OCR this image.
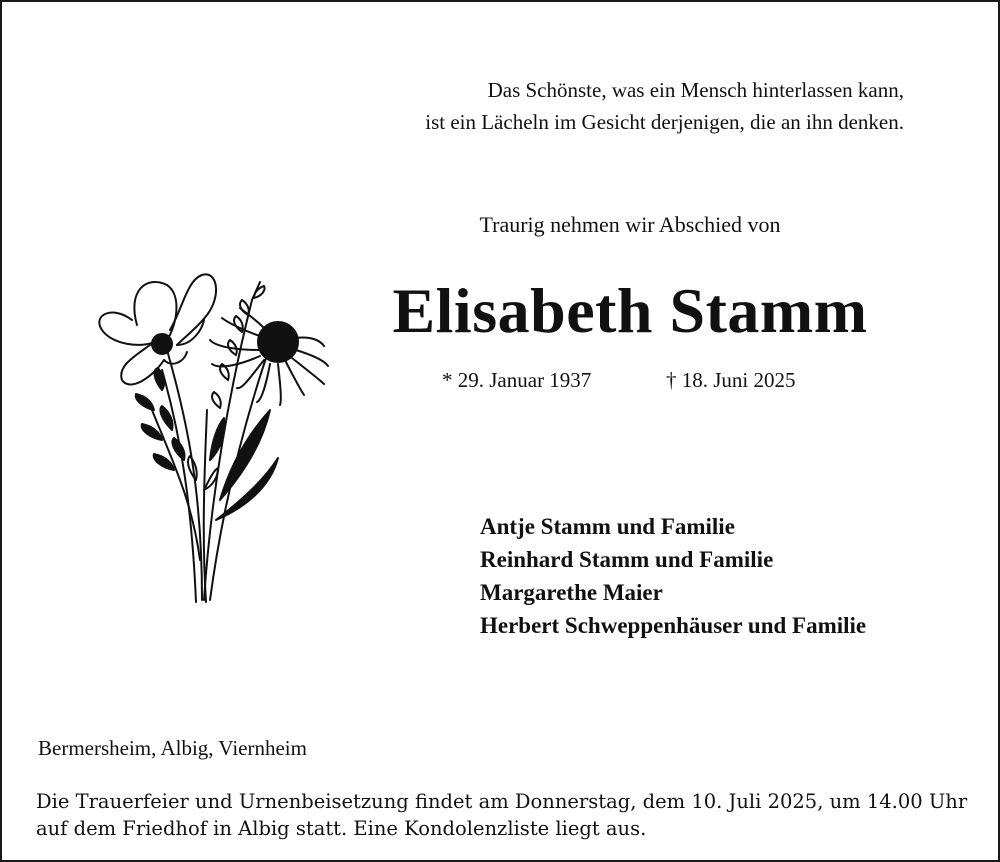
Das Schönste, was ein Mensch hinterlassen kann,
ist ein Lächeln im Gesicht derjenigen, die an ihn denken.
Traurig nehmen wir Abschied von
Elisabeth Stamm
* 29. Januar 1937	† 18. Juni 2025
Antje Stamm und Familie
Reinhard Stamm und Familie
Margarethe Maier
Herbert Schweppenhäuser und Familie
Bermersheim, Albig, Viernheim
Die Trauerfeier und Urnenbeisetzung findet am Donnerstag, dem 10. Juli 2025, um 14.00 Uhr
auf dem Friedhof in Albig statt. Eine Kondolenzliste liegt aus.
